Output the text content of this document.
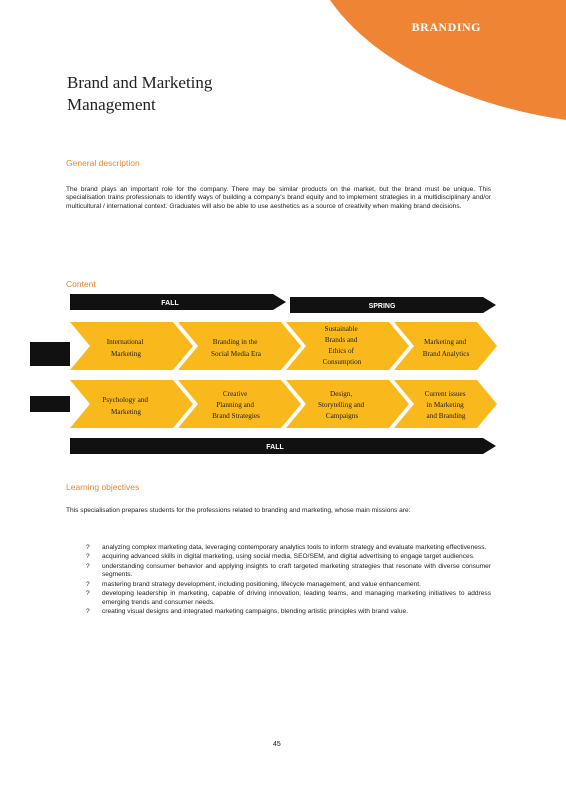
BRANDING
Brand and Marketing
Management
General description
The brand plays an important role for the company. There may be similar products on the market, but the brand must be unique. This specialisation trains professionals to identify ways of building a company's brand equity and to implement strategies in a multidisciplinary and/or multicultural / international context. Graduates will also be able to use aesthetics as a source of creativity when making brand decisions.
Content
FALL	SPRING
International Marketing
Branding in the Social Media Era
Sustainable Brands and Ethics of Consumption
Marketing and Brand Analytics
Psychology and Marketing
Creative Planning and Brand Strategies
Design, Storytelling and Campaigns
Current issues in Marketing and Branding
FALL
Learning objectives
This specialisation prepares students for the professions related to branding and marketing, whose main missions are:
? analyzing complex marketing data, leveraging contemporary analytics tools to inform strategy and evaluate marketing effectiveness.
? acquiring advanced skills in digital marketing, using social media, SEO/SEM, and digital advertising to engage target audiences.
? understanding consumer behavior and applying insights to craft targeted marketing strategies that resonate with diverse consumer segments.
? mastering brand strategy development, including positioning, lifecycle management, and value enhancement.
? developing leadership in marketing, capable of driving innovation, leading teams, and managing marketing initiatives to address emerging trends and consumer needs.
? creating visual designs and integrated marketing campaigns, blending artistic principles with brand value.
45
